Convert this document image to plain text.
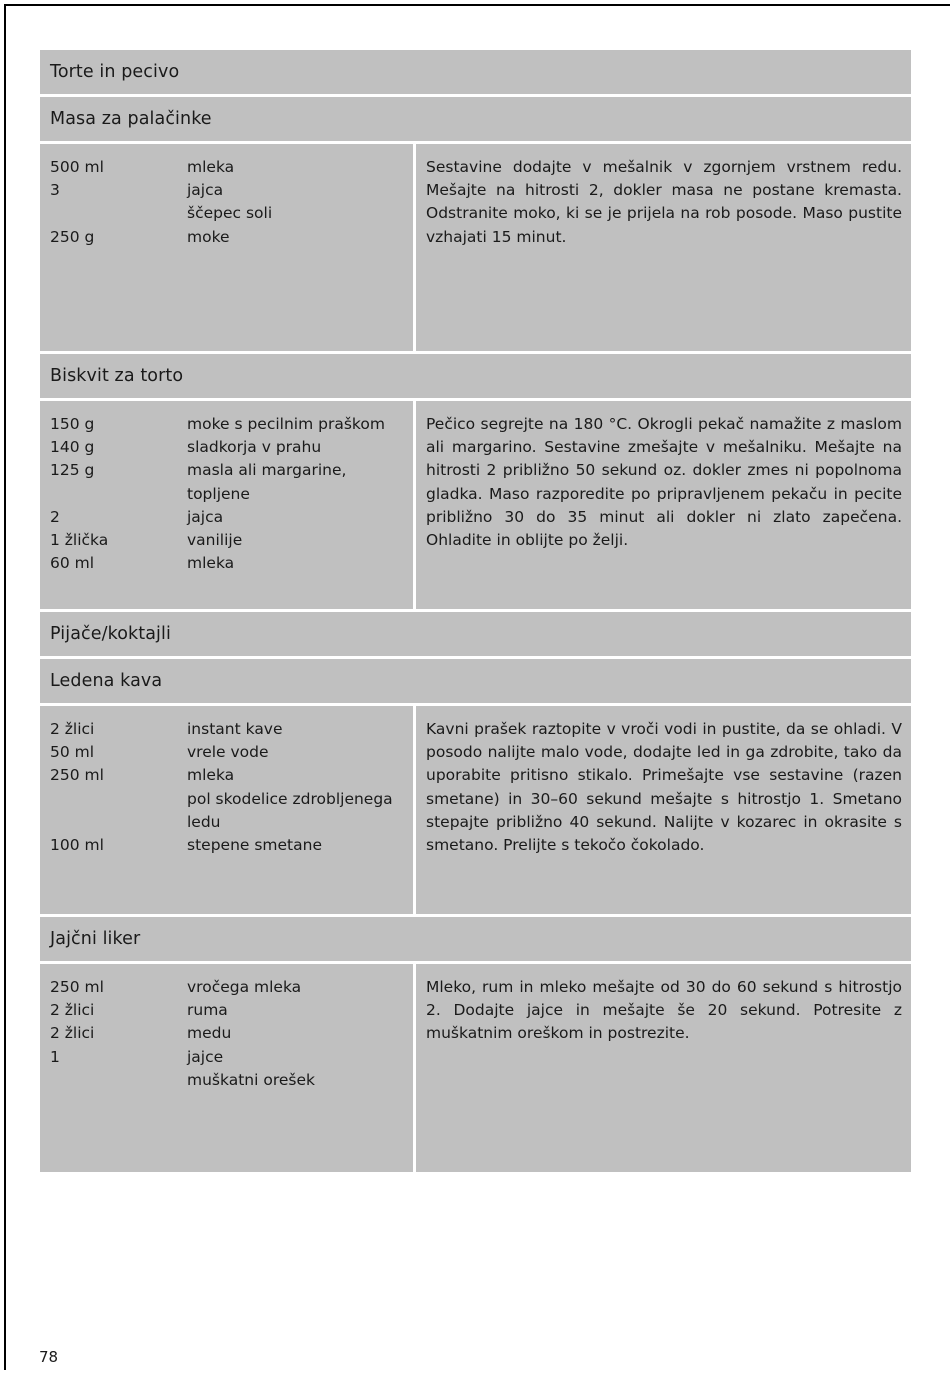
Torte in pecivo
Masa za palačinke
500 ml	mleka
3	jajca
ščepec soli
250 g	moke
Sestavine dodajte v mešalnik v zgornjem vrstnem redu. Mešajte na hitrosti 2, dokler masa ne postane kremasta. Odstranite moko, ki se je prijela na rob posode. Maso pustite vzhajati 15 minut.
Biskvit za torto
150 g	moke s pecilnim praškom
140 g	sladkorja v prahu
125 g	masla ali margarine, topljene
2	jajca
1 žlička	vanilije
60 ml	mleka
Pečico segrejte na 180 °C. Okrogli pekač namažite z maslom ali margarino. Sestavine zmešajte v mešalniku. Mešajte na hitrosti 2 približno 50 sekund oz. dokler zmes ni popolnoma gladka. Maso razporedite po pripravljenem pekaču in pecite približno 30 do 35 minut ali dokler ni zlato zapečena. Ohladite in oblijte po želji.
Pijače/koktajli
Ledena kava
2 žlici	instant kave
50 ml	vrele vode
250 ml	mleka
pol skodelice zdrobljenega ledu
100 ml	stepene smetane
Kavni prašek raztopite v vroči vodi in pustite, da se ohladi. V posodo nalijte malo vode, dodajte led in ga zdrobite, tako da uporabite pritisno stikalo. Primešajte vse sestavine (razen smetane) in 30–60 sekund mešajte s hitrostjo 1. Smetano stepajte približno 40 sekund. Nalijte v kozarec in okrasite s smetano. Prelijte s tekočo čokolado.
Jajčni liker
250 ml	vročega mleka
2 žlici	ruma
2 žlici	medu
1	jajce
muškatni orešek
Mleko, rum in mleko mešajte od 30 do 60 sekund s hitrostjo 2. Dodajte jajce in mešajte še 20 sekund. Potresite z muškatnim oreškom in postrezite.
78
